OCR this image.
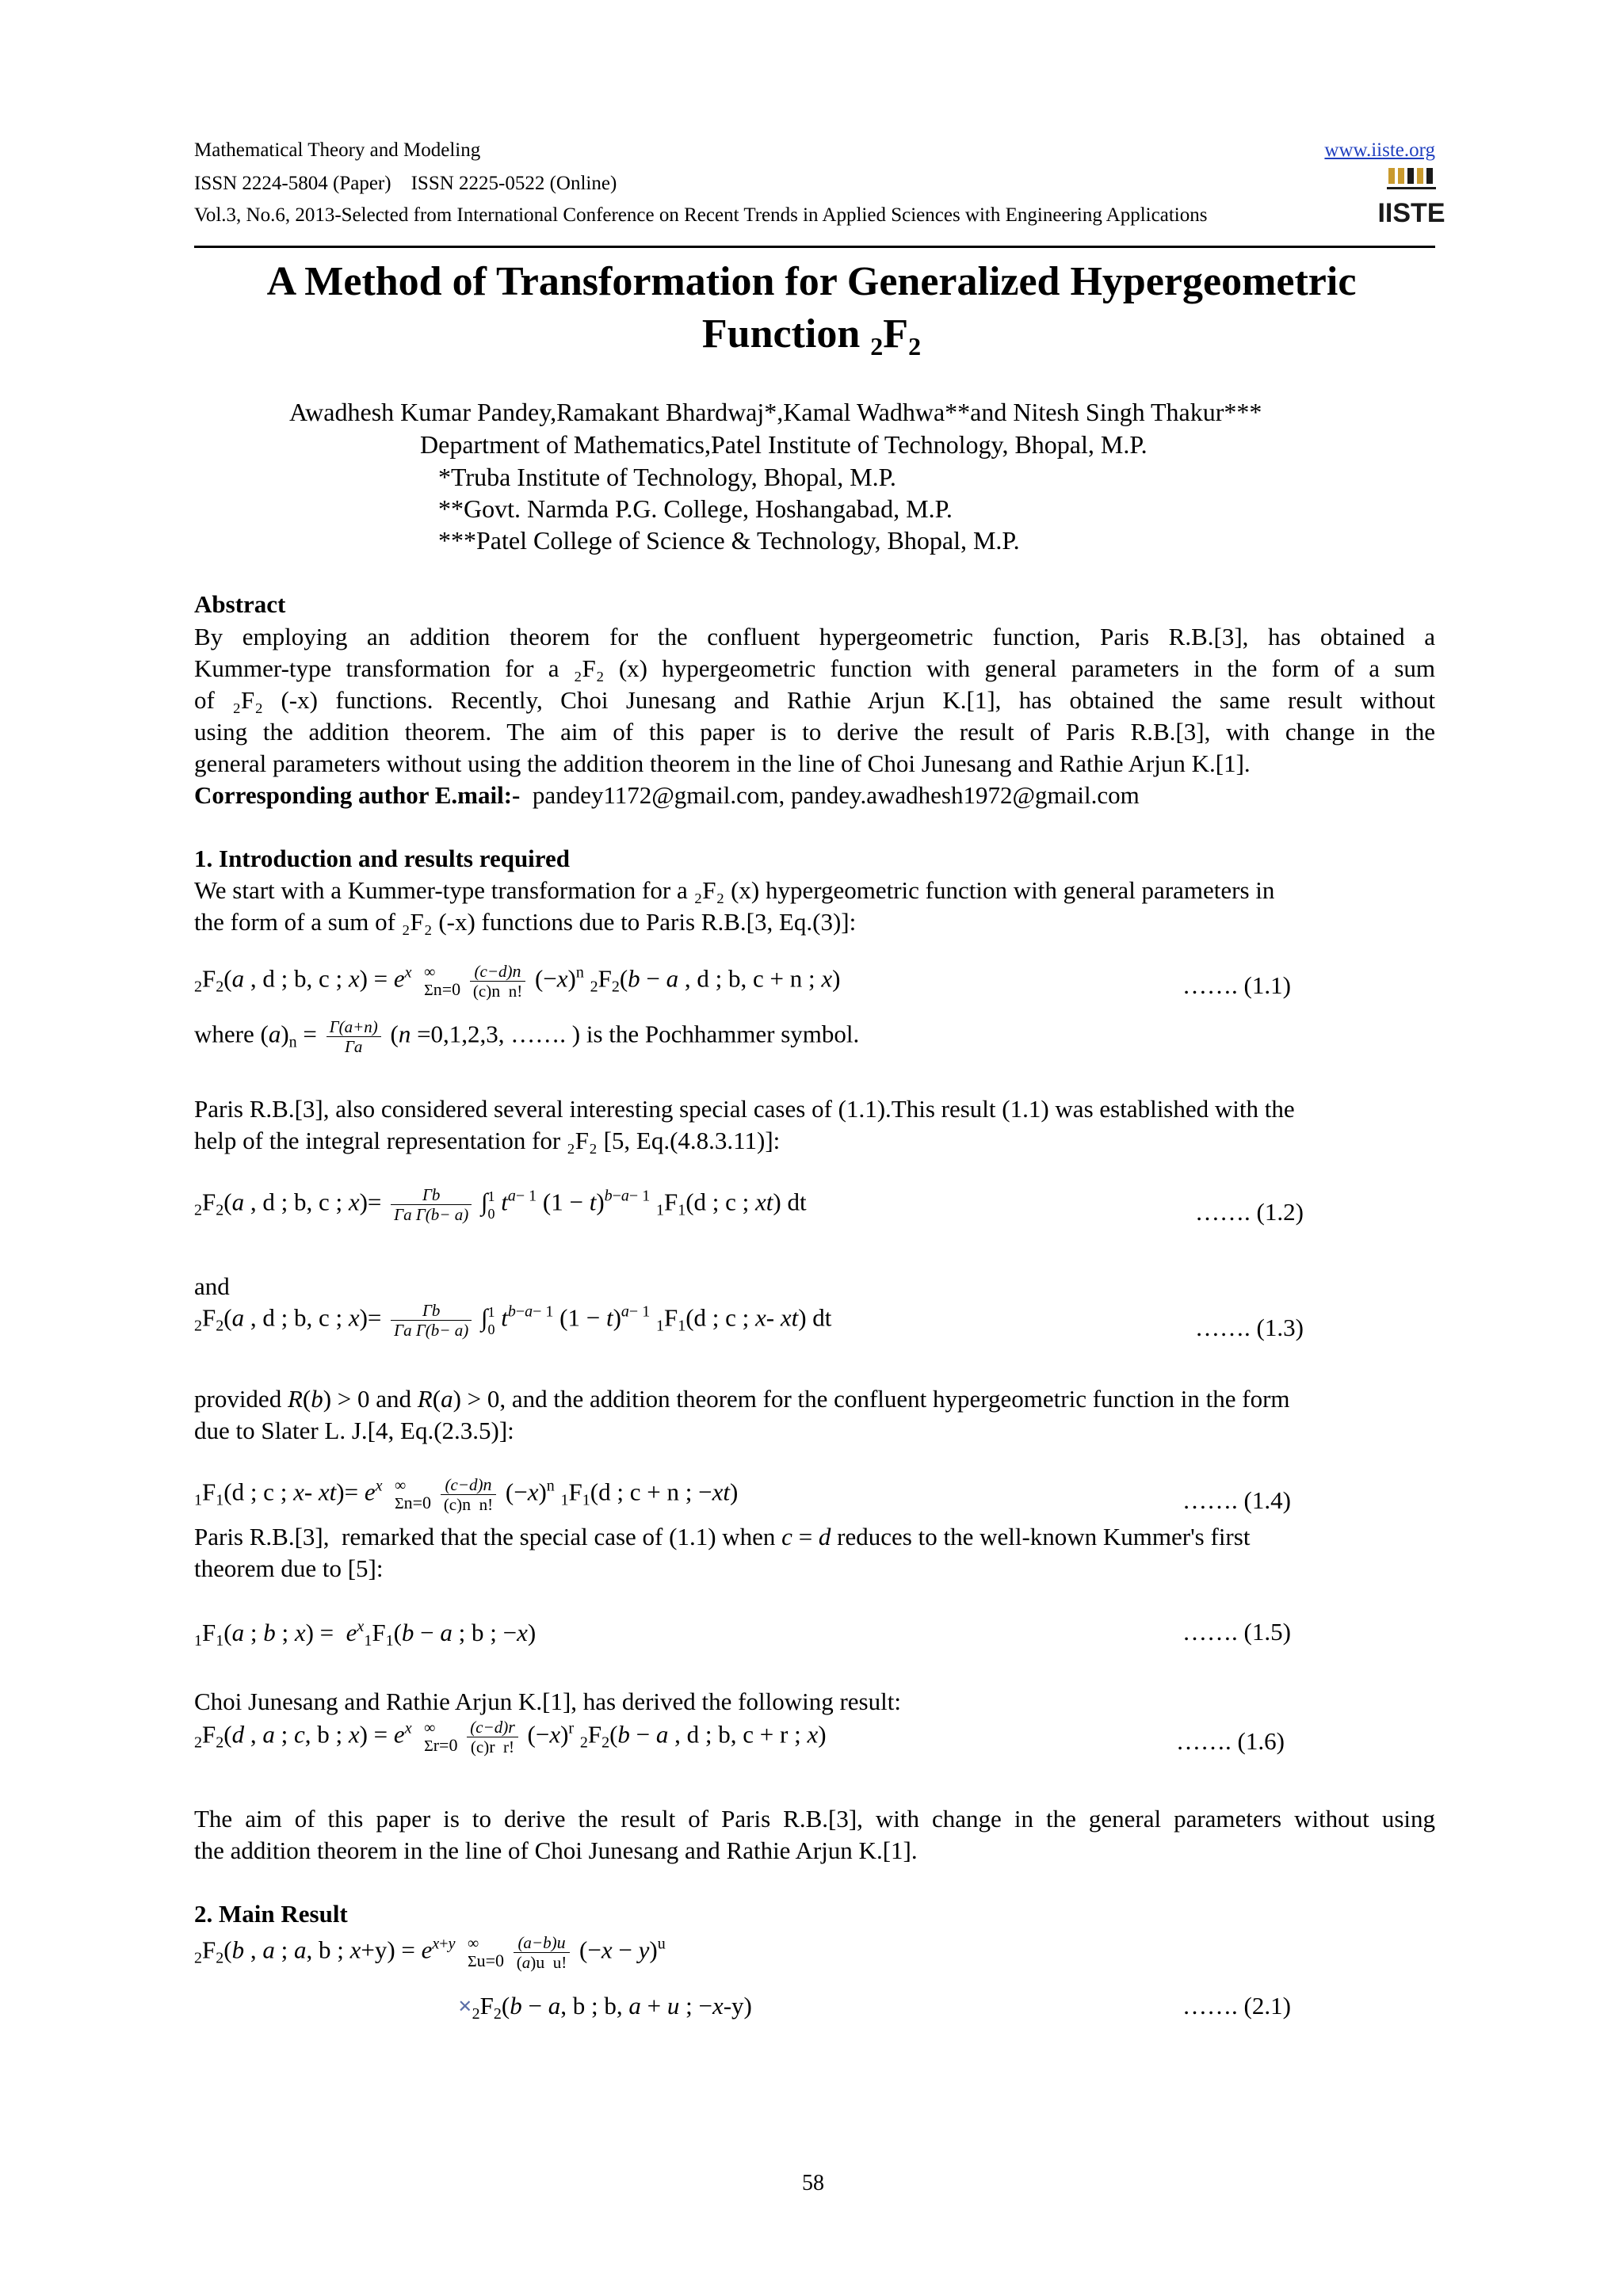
Mathematical Theory and Modeling	www.iiste.org
ISSN 2224-5804 (Paper)    ISSN 2225-0522 (Online)
Vol.3, No.6, 2013-Selected from International Conference on Recent Trends in Applied Sciences with Engineering Applications	IISTE
A Method of Transformation for Generalized Hypergeometric
Function $_2F_2$
Awadhesh Kumar Pandey,Ramakant Bhardwaj*,Kamal Wadhwa**and Nitesh Singh Thakur***
Department of Mathematics,Patel Institute of Technology, Bhopal, M.P.
*Truba Institute of Technology, Bhopal, M.P.
**Govt. Narmda P.G. College, Hoshangabad, M.P.
***Patel College of Science & Technology, Bhopal, M.P.
Abstract
By employing an addition theorem for the confluent hypergeometric function, Paris R.B.[3], has obtained a
Kummer-type transformation for a ₂F₂ (x) hypergeometric function with general parameters in the form of a sum
of ₂F₂ (-x) functions. Recently, Choi Junesang and Rathie Arjun K.[1], has obtained the same result without
using the addition theorem. The aim of this paper is to derive the result of Paris R.B.[3], with change in the
general parameters without using the addition theorem in the line of Choi Junesang and Rathie Arjun K.[1].
Corresponding author E.mail:- pandey1172@gmail.com, pandey.awadhesh1972@gmail.com
1. Introduction and results required
We start with a Kummer-type transformation for a ₂F₂ (x) hypergeometric function with general parameters in
the form of a sum of ₂F₂ (-x) functions due to Paris R.B.[3, Eq.(3)]:
$_2F_2(a$ , d ; b, c ; $x) = e^x$ ∞
$\Sigma n=0 \frac{(c-d)n}{\text{(c)n  n!}} (-x)^n$ $_2F_2(b - a$ , d ; b, c + n ; x)	……. (1.1)
where $(a)_n = \frac{\Gamma(a+n)}{\Gamma a} (n =0,1,2,3$, ……. ) is the Pochhammer symbol.
Paris R.B.[3], also considered several interesting special cases of (1.1).This result (1.1) was established with the
help of the integral representation for ₂F₂ [5, Eq.(4.8.3.11)]:
$_2F_2(a$ , d ; b, c ; $x)= \frac{\Gamma b}{\text{Γa Γ(b− a)}} \int 1$
0 $t^{a- 1}$ $(1 - t)^{b-a- 1}$ $_1F_1(d$ ; c ; xt) dt	……. (1.2)
and
$_2F_2(a$ , d ; b, c ; $x)= \frac{\Gamma b}{\text{Γa Γ(b− a)}} \int 1$
0 $t^{b-a- 1}$ $(1 - t)^{a- 1}$ $_1F_1(d$ ; c ; x- xt) dt	……. (1.3)
provided R(b) > 0 and R(a) > 0, and the addition theorem for the confluent hypergeometric function in the form
due to Slater L. J.[4, Eq.(2.3.5)]:
$_1F_1(d$ ; c ; x- $xt)= e^x$ ∞
$\Sigma n=0 \frac{(c-d)n}{\text{(c)n  n!}} (-x)^n$ $_1F_1(d$ ; c + n ; −xt)	……. (1.4)
Paris R.B.[3],  remarked that the special case of (1.1) when c = d reduces to the well-known Kummer's first
theorem due to [5]:
$_1F_1(a$ ; b ; $x) = e^x_1F_1(b - a$ ; b ; −x)	……. (1.5)
Choi Junesang and Rathie Arjun K.[1], has derived the following result:
$_2F_2(d$ , a ; c, b ; $x) = e^x$ ∞
$\Sigma r=0 \frac{(c-d)r}{\text{(c)r  r!}} (-x)^r$ $_2F_2(b - a$ , d ; b, c + r ; x)	……. (1.6)
The aim of this paper is to derive the result of Paris R.B.[3], with change in the general parameters without using
the addition theorem in the line of Choi Junesang and Rathie Arjun K.[1].
2. Main Result
$_2F_2(b$ , a ; a, b ; $x+y) = e^{x+y}$ ∞
$\Sigma u=0 \frac{(a-b)u}{\text{(a)u  u!}} (-x - y)^u$
$\times_2F_2(b - a$, b ; b, a + u ; −x-y)	……. (2.1)
58
